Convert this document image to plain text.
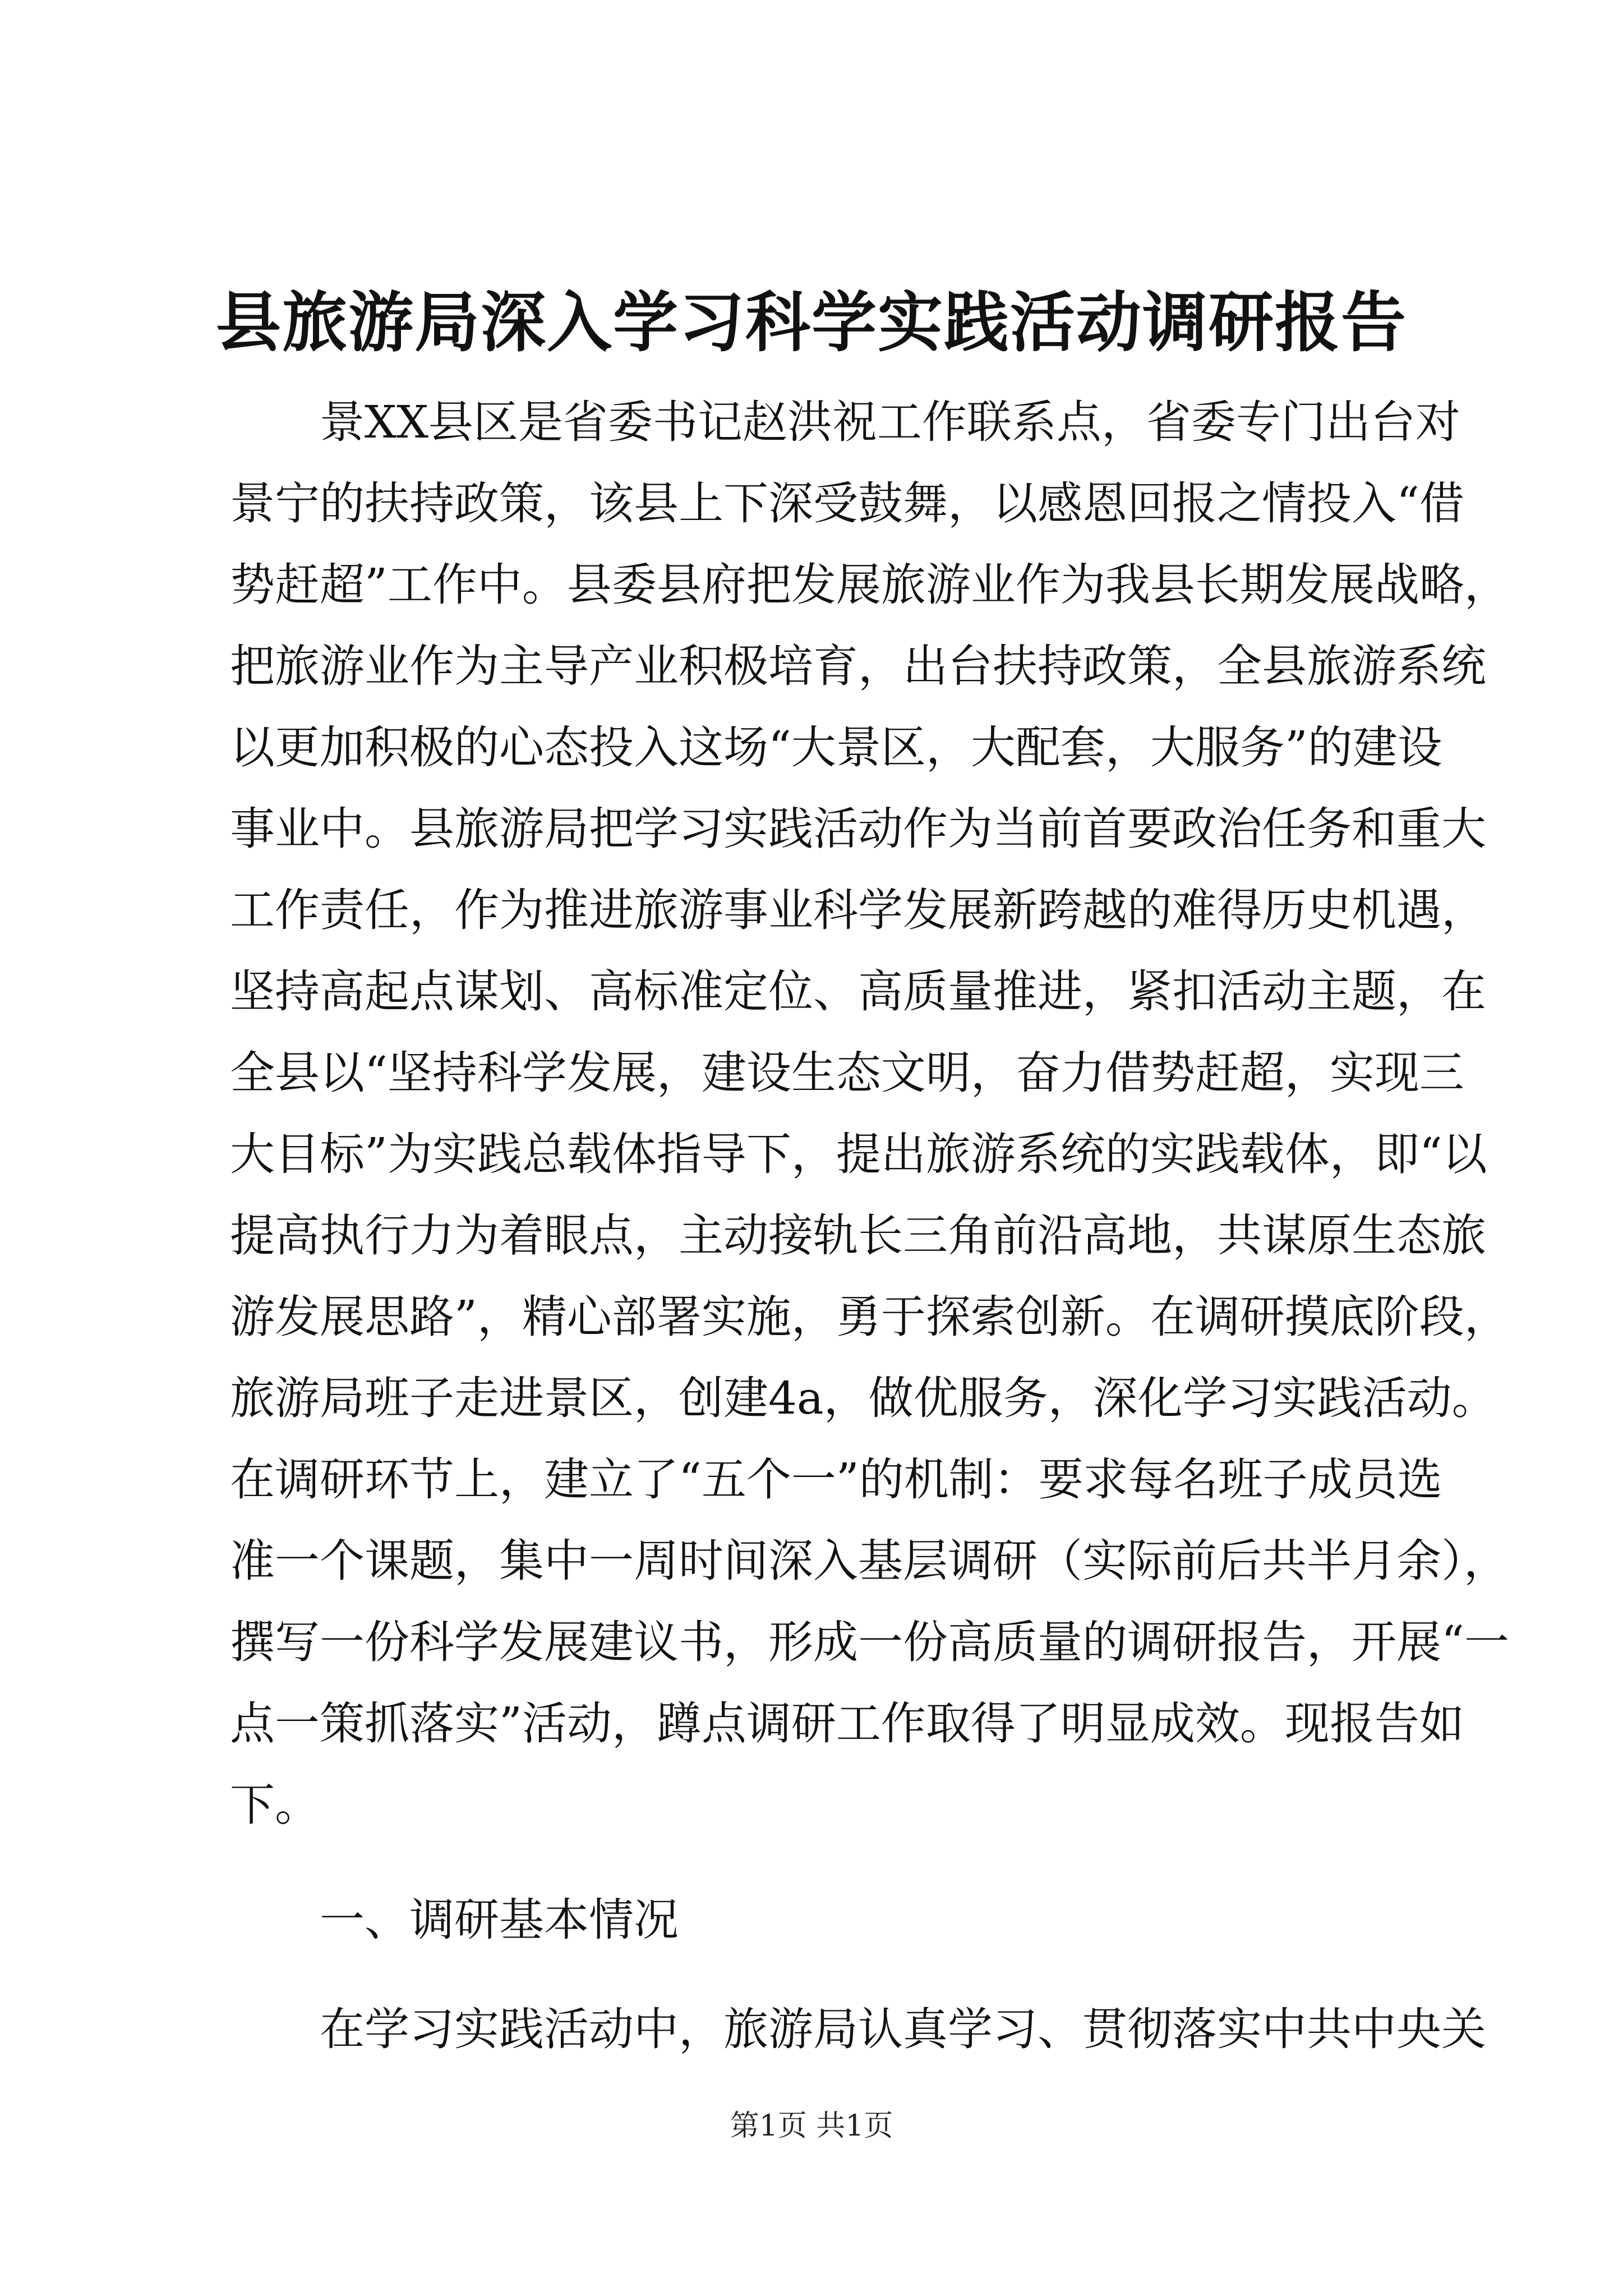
县旅游局深入学习科学实践活动调研报告
景XX县区是省委书记赵洪祝工作联系点，省委专门出台对
景宁的扶持政策，该县上下深受鼓舞，以感恩回报之情投入“借
势赶超”工作中。县委县府把发展旅游业作为我县长期发展战略，
把旅游业作为主导产业积极培育，出台扶持政策，全县旅游系统
以更加积极的心态投入这场“大景区，大配套，大服务”的建设
事业中。县旅游局把学习实践活动作为当前首要政治任务和重大
工作责任，作为推进旅游事业科学发展新跨越的难得历史机遇，
坚持高起点谋划、高标准定位、高质量推进，紧扣活动主题，在
全县以“坚持科学发展，建设生态文明，奋力借势赶超，实现三
大目标”为实践总载体指导下，提出旅游系统的实践载体，即“以
提高执行力为着眼点，主动接轨长三角前沿高地，共谋原生态旅
游发展思路”，精心部署实施，勇于探索创新。在调研摸底阶段，
旅游局班子走进景区，创建4a，做优服务，深化学习实践活动。
在调研环节上，建立了“五个一”的机制：要求每名班子成员选
准一个课题，集中一周时间深入基层调研（实际前后共半月余），
撰写一份科学发展建议书，形成一份高质量的调研报告，开展“一
点一策抓落实”活动，蹲点调研工作取得了明显成效。现报告如
下。
一、调研基本情况
在学习实践活动中，旅游局认真学习、贯彻落实中共中央关
第1页 共1页
